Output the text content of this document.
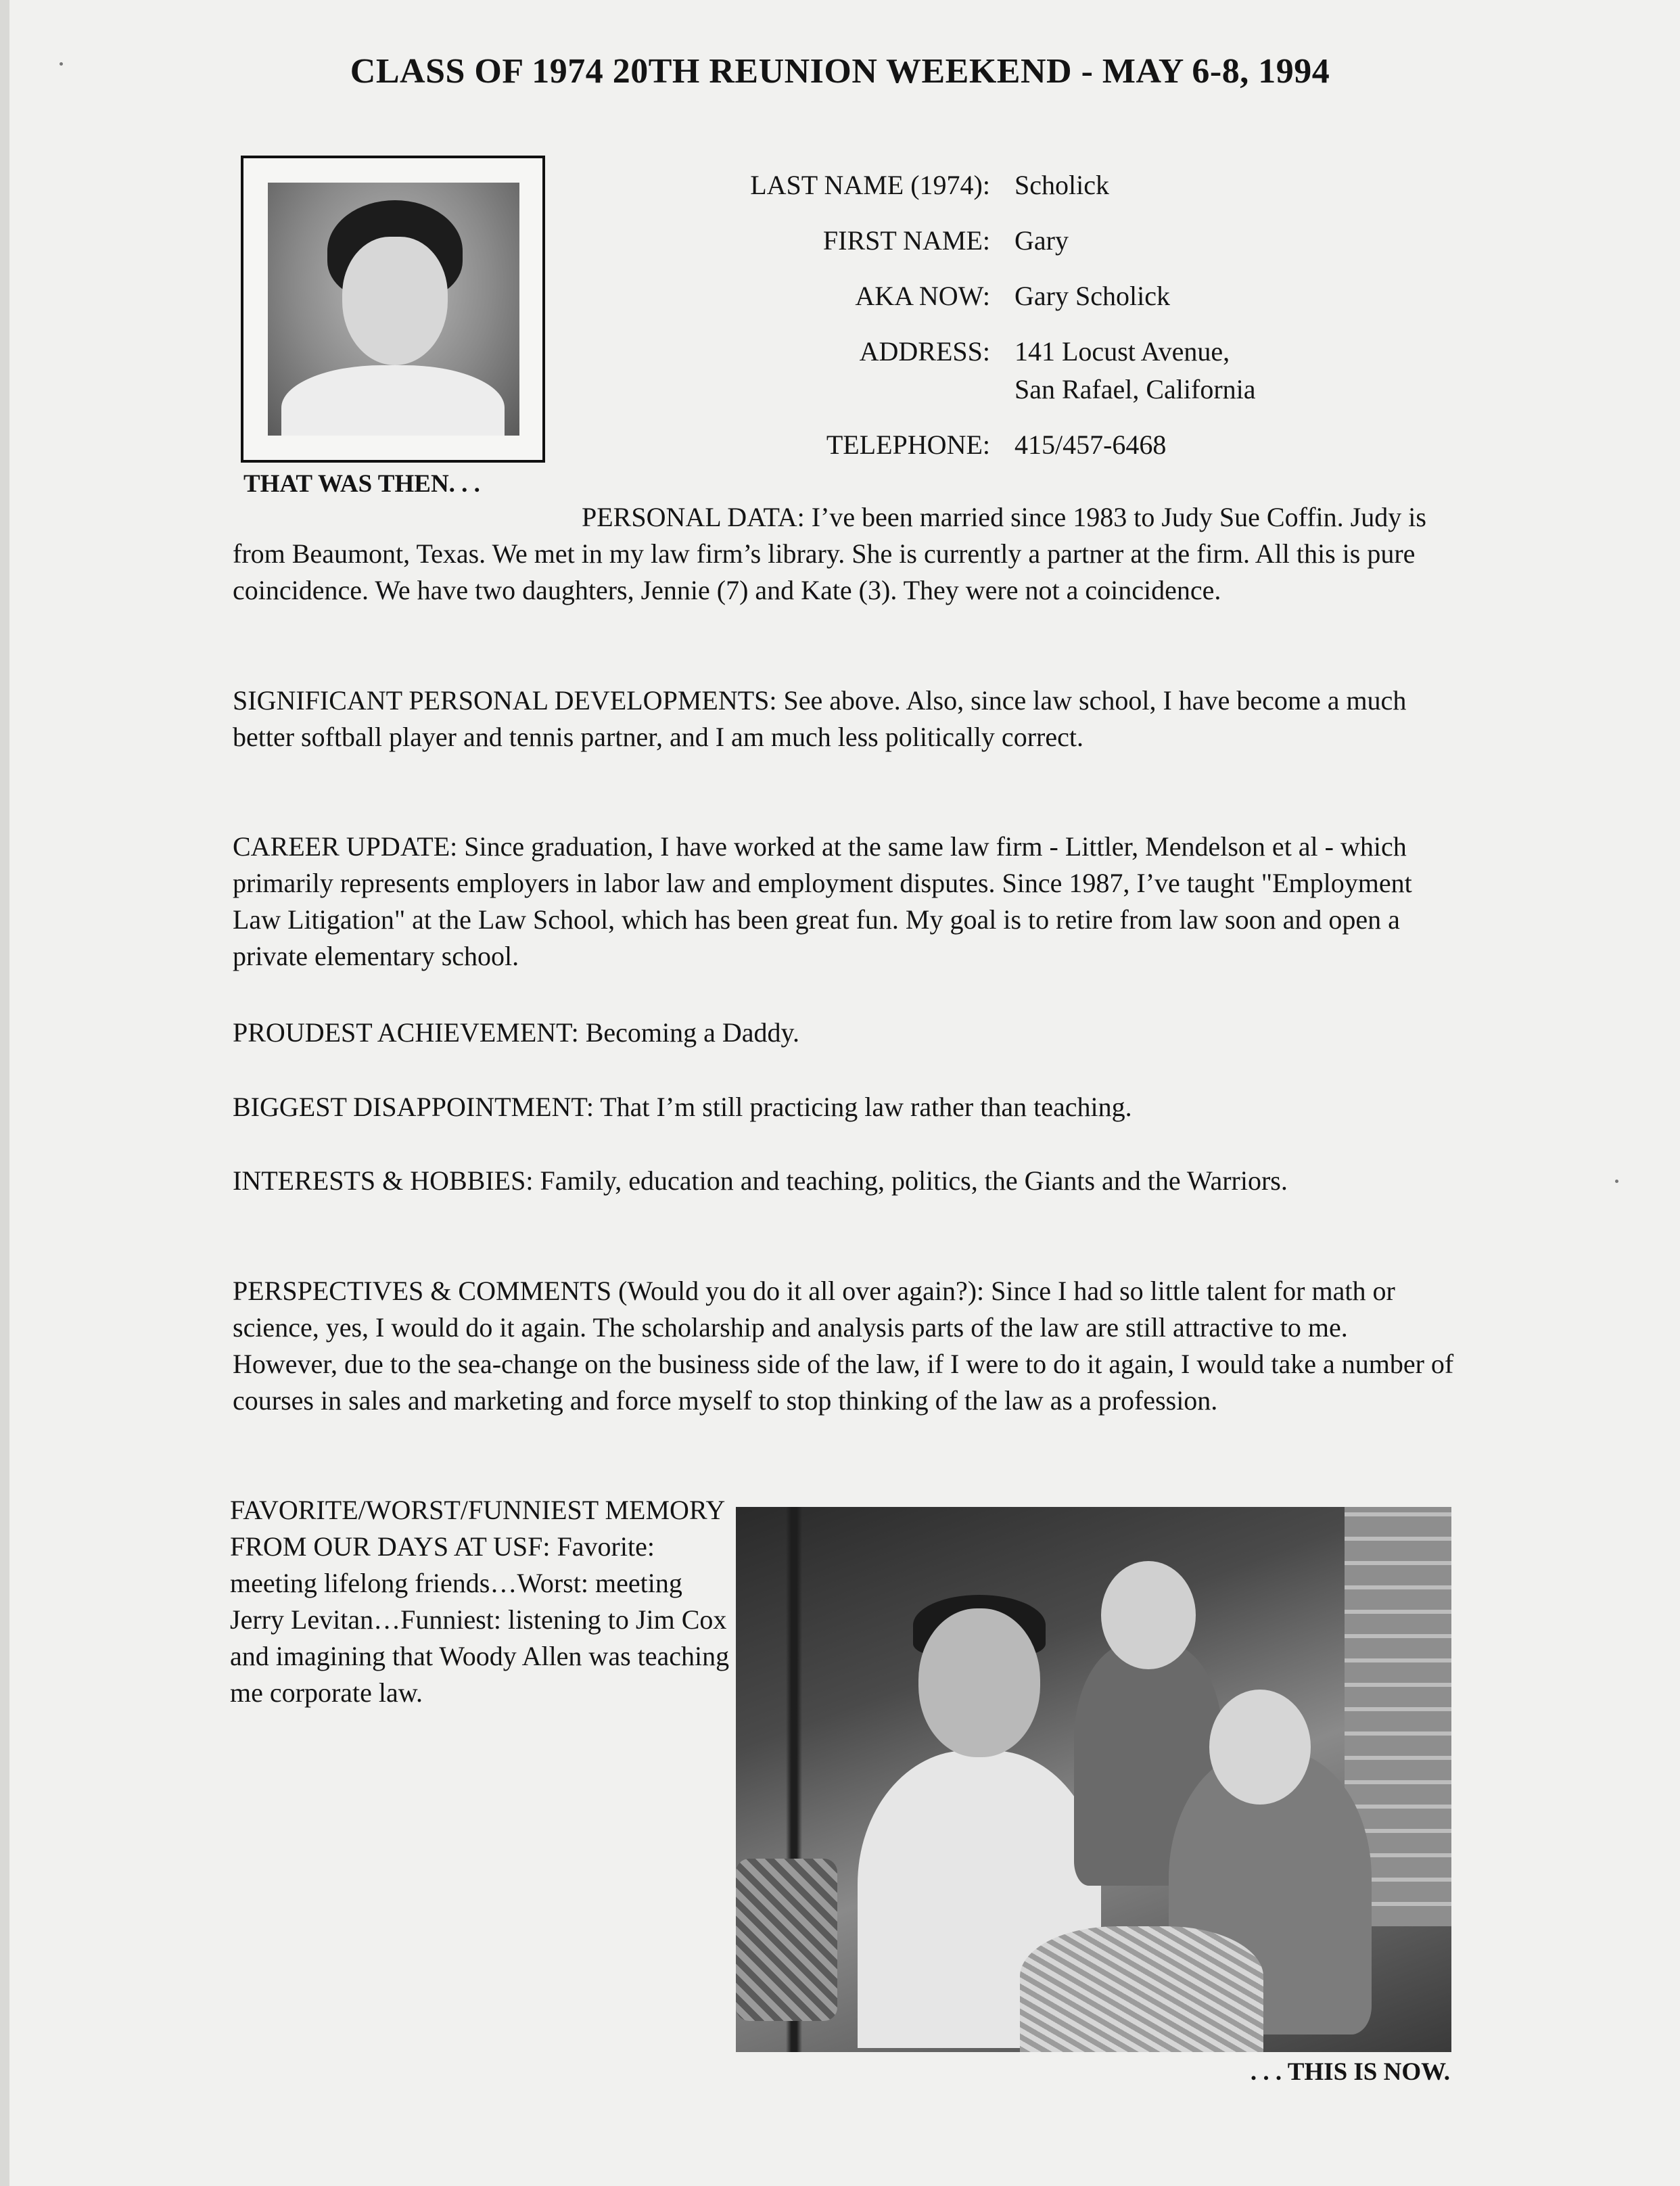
CLASS OF 1974 20TH REUNION WEEKEND - MAY 6-8, 1994
THAT WAS THEN. . .
LAST NAME (1974): Scholick
FIRST NAME: Gary
AKA NOW: Gary Scholick
ADDRESS: 141 Locust Avenue,
San Rafael, California
TELEPHONE: 415/457-6468

PERSONAL DATA: I’ve been married since 1983 to Judy Sue Coffin. Judy is from Beaumont, Texas. We met in my law firm’s library. She is currently a partner at the firm. All this is pure coincidence. We have two daughters, Jennie (7) and Kate (3). They were not a coincidence.

SIGNIFICANT PERSONAL DEVELOPMENTS: See above. Also, since law school, I have become a much better softball player and tennis partner, and I am much less politically correct.

CAREER UPDATE: Since graduation, I have worked at the same law firm - Littler, Mendelson et al - which primarily represents employers in labor law and employment disputes. Since 1987, I’ve taught "Employment Law Litigation" at the Law School, which has been great fun. My goal is to retire from law soon and open a private elementary school.

PROUDEST ACHIEVEMENT: Becoming a Daddy.

BIGGEST DISAPPOINTMENT: That I’m still practicing law rather than teaching.

INTERESTS & HOBBIES: Family, education and teaching, politics, the Giants and the Warriors.

PERSPECTIVES & COMMENTS (Would you do it all over again?): Since I had so little talent for math or science, yes, I would do it again. The scholarship and analysis parts of the law are still attractive to me. However, due to the sea-change on the business side of the law, if I were to do it again, I would take a number of courses in sales and marketing and force myself to stop thinking of the law as a profession.

FAVORITE/WORST/FUNNIEST MEMORY FROM OUR DAYS AT USF: Favorite: meeting lifelong friends…Worst: meeting Jerry Levitan…Funniest: listening to Jim Cox and imagining that Woody Allen was teaching me corporate law.

. . . THIS IS NOW.
